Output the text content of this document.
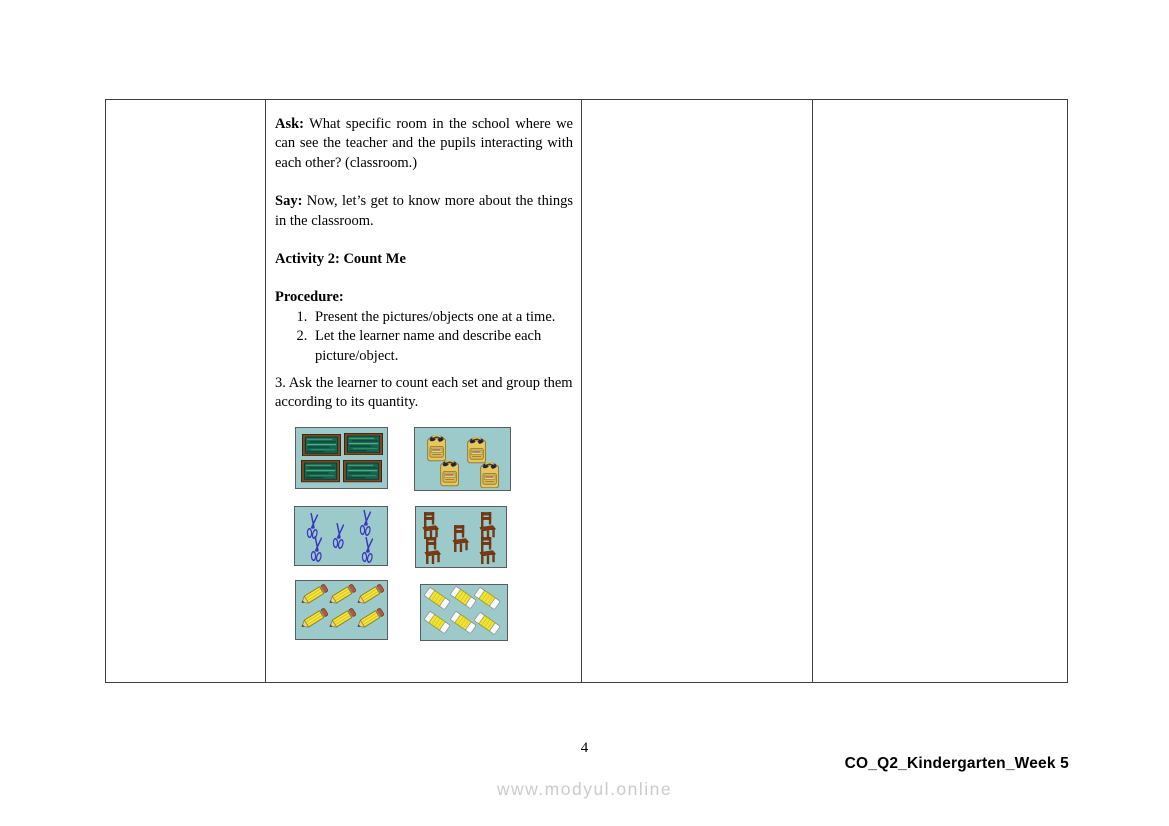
Ask: What specific room in the school where we can see the teacher and the pupils interacting with each other? (classroom.)

Say: Now, let’s get to know more about the things in the classroom.

Activity 2: Count Me

Procedure:

1. Present the pictures/objects one at a time.
2. Let the learner name and describe each picture/object.

3. Ask the learner to count each set and group them according to its quantity.

4
CO_Q2_Kindergarten_Week 5
www.modyul.online
